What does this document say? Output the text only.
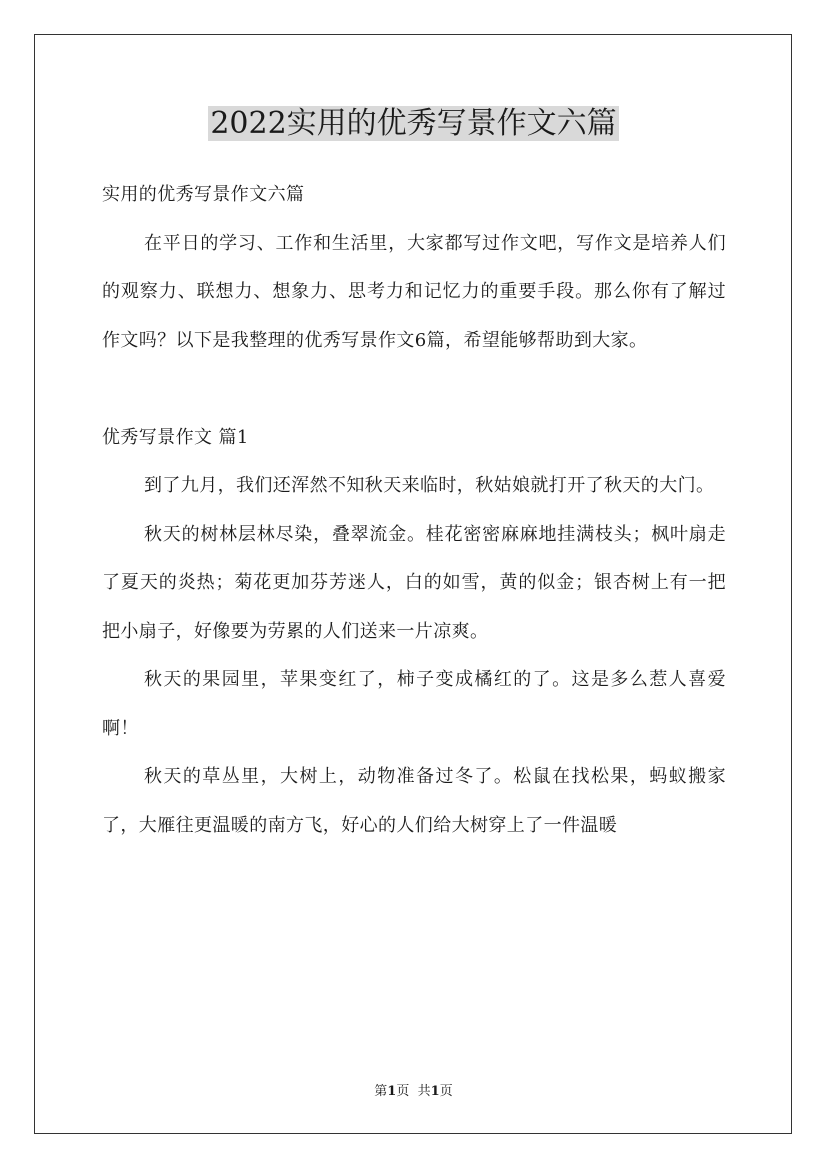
2022实用的优秀写景作文六篇

实用的优秀写景作文六篇

在平日的学习、工作和生活里，大家都写过作文吧，写作文是培养人们的观察力、联想力、想象力、思考力和记忆力的重要手段。那么你有了解过作文吗？以下是我整理的优秀写景作文6篇，希望能够帮助到大家。

优秀写景作文 篇1

到了九月，我们还浑然不知秋天来临时，秋姑娘就打开了秋天的大门。

秋天的树林层林尽染，叠翠流金。桂花密密麻麻地挂满枝头；枫叶扇走了夏天的炎热；菊花更加芬芳迷人，白的如雪，黄的似金；银杏树上有一把把小扇子，好像要为劳累的人们送来一片凉爽。

秋天的果园里，苹果变红了，柿子变成橘红的了。这是多么惹人喜爱啊！

秋天的草丛里，大树上，动物准备过冬了。松鼠在找松果，蚂蚁搬家了，大雁往更温暖的南方飞，好心的人们给大树穿上了一件温暖

第1页 共1页
